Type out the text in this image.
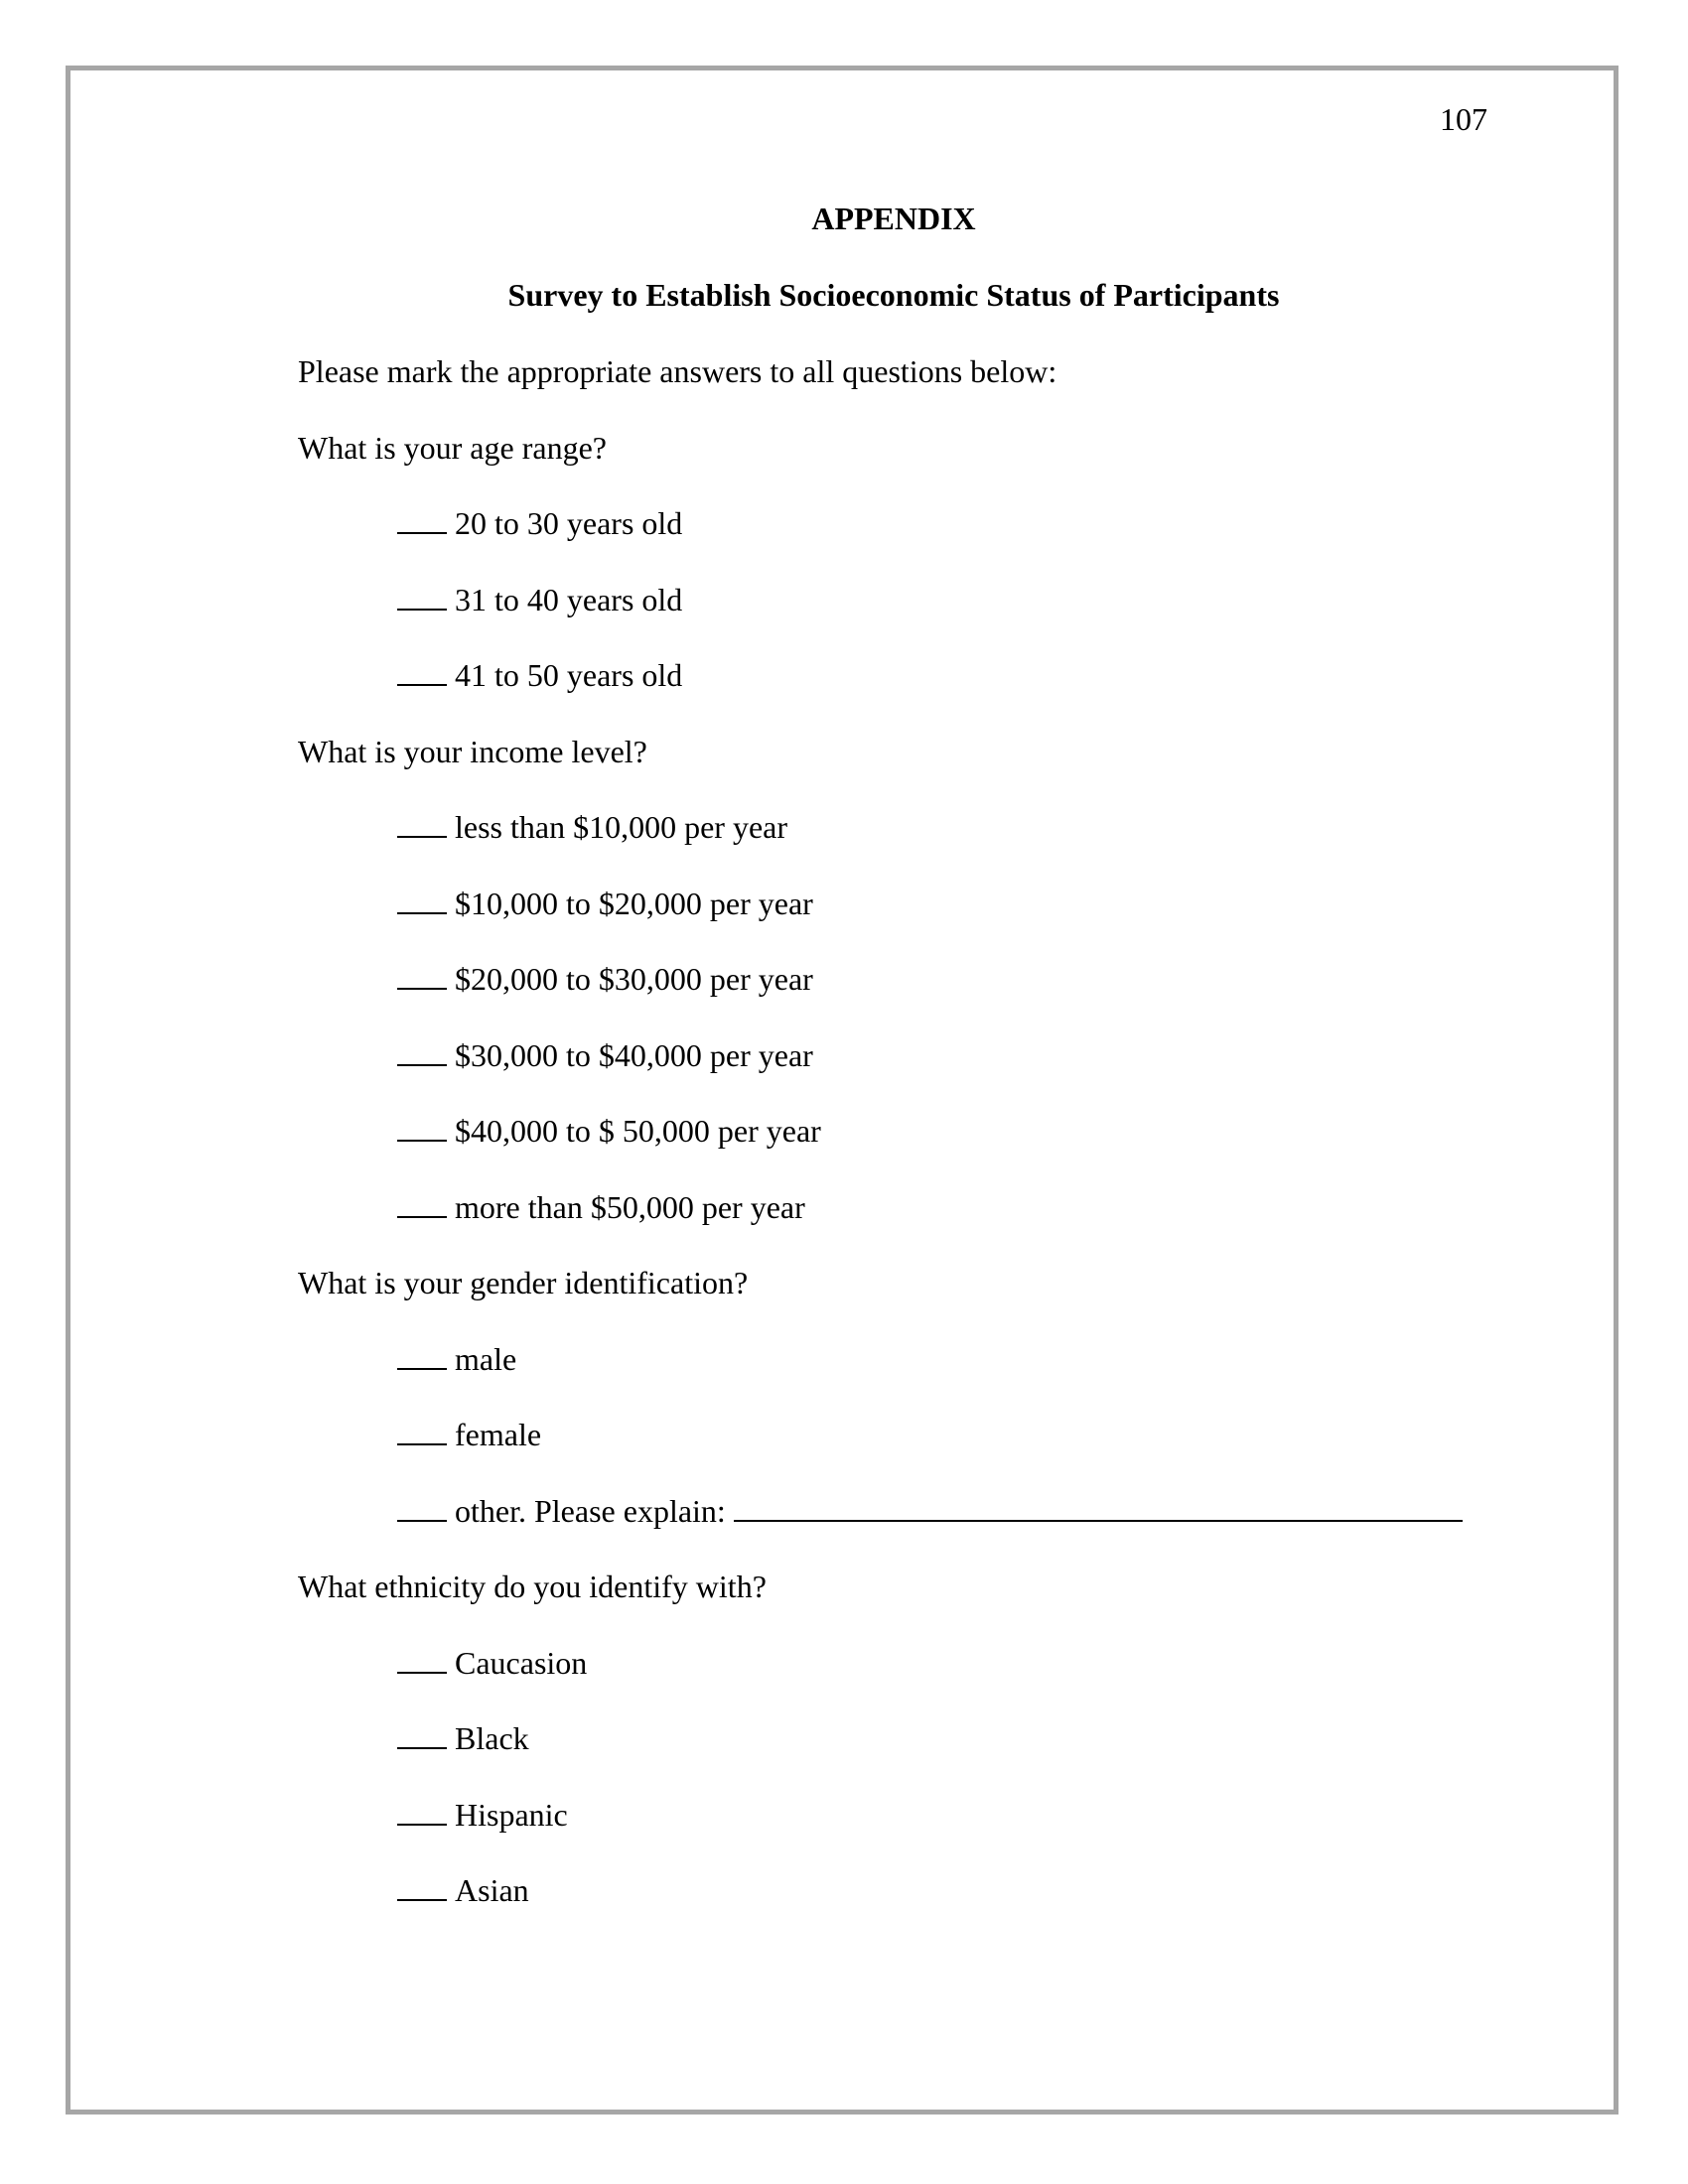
107
APPENDIX
Survey to Establish Socioeconomic Status of Participants
Please mark the appropriate answers to all questions below:
What is your age range?
20 to 30 years old
31 to 40 years old
41 to 50 years old
What is your income level?
less than $10,000 per year
$10,000 to $20,000 per year
$20,000 to $30,000 per year
$30,000 to $40,000 per year
$40,000 to $ 50,000 per year
more than $50,000 per year
What is your gender identification?
male
female
other. Please explain:
What ethnicity do you identify with?
Caucasion
Black
Hispanic
Asian
